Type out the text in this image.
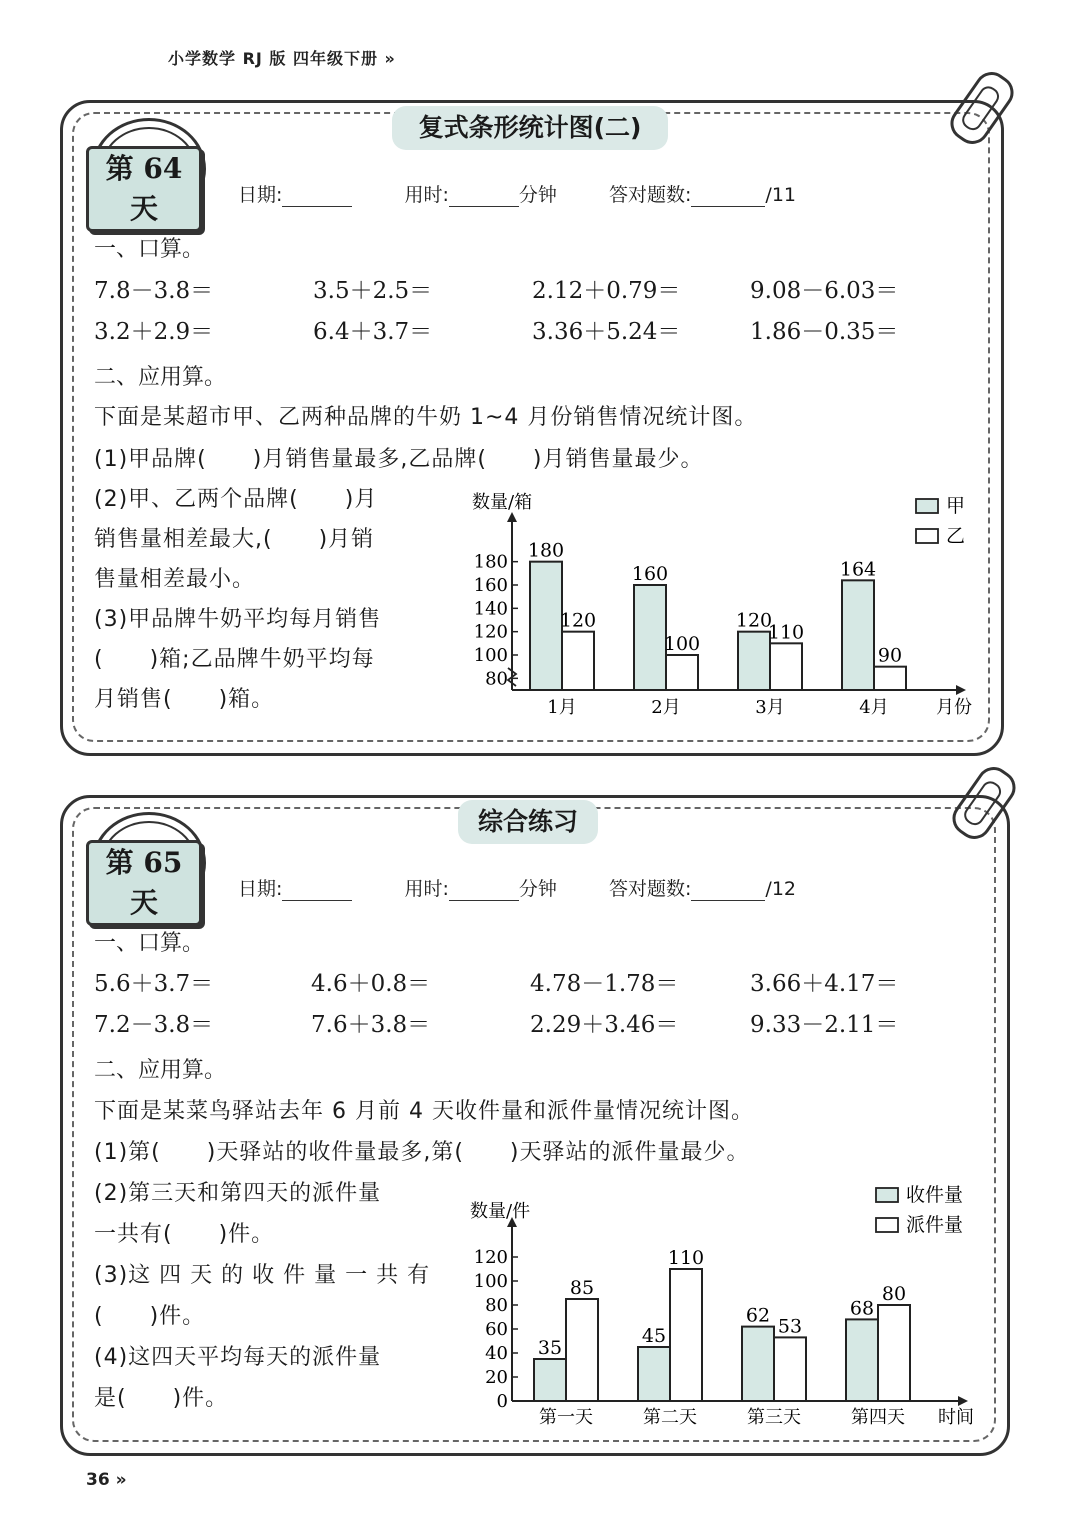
小学数学 RJ 版 四年级下册 »
复式条形统计图(二)
第 64 天	日期:	用时:	分钟	答对题数:	/11
一、口算。
7.8－3.8＝	3.5＋2.5＝	2.12＋0.79＝	9.08－6.03＝
3.2＋2.9＝	6.4＋3.7＝	3.36＋5.24＝	1.86－0.35＝
二、应用算。
下面是某超市甲、乙两种品牌的牛奶 1~4 月份销售情况统计图。
(1)甲品牌(　　)月销售量最多,乙品牌(　　)月销售量最少。
(2)甲、乙两个品牌(　　)月
销售量相差最大,(　　)月销
售量相差最小。
(3)甲品牌牛奶平均每月销售
(　　)箱;乙品牌牛奶平均每
月销售(　　)箱。
80
100
120
140
160
180
数量/箱
月份
180
120
1月
160
100
2月
120
110
3月
164
90
4月
甲
乙
综合练习
第 65 天	日期:	用时:	分钟	答对题数:	/12
一、口算。
5.6＋3.7＝	4.6＋0.8＝	4.78－1.78＝	3.66＋4.17＝
7.2－3.8＝	7.6＋3.8＝	2.29＋3.46＝	9.33－2.11＝
二、应用算。
下面是某菜鸟驿站去年 6 月前 4 天收件量和派件量情况统计图。
(1)第(　　)天驿站的收件量最多,第(　　)天驿站的派件量最少。
(2)第三天和第四天的派件量
一共有(　　)件。
(3)这 四 天 的 收 件 量 一 共 有
(　　)件。
(4)这四天平均每天的派件量
是(　　)件。	0
20
40
60
80
100
120
数量/件
时间
35
85
第一天
45
110
第二天
62 53
第三天
68
80
第四天
收件量
派件量
36 »
